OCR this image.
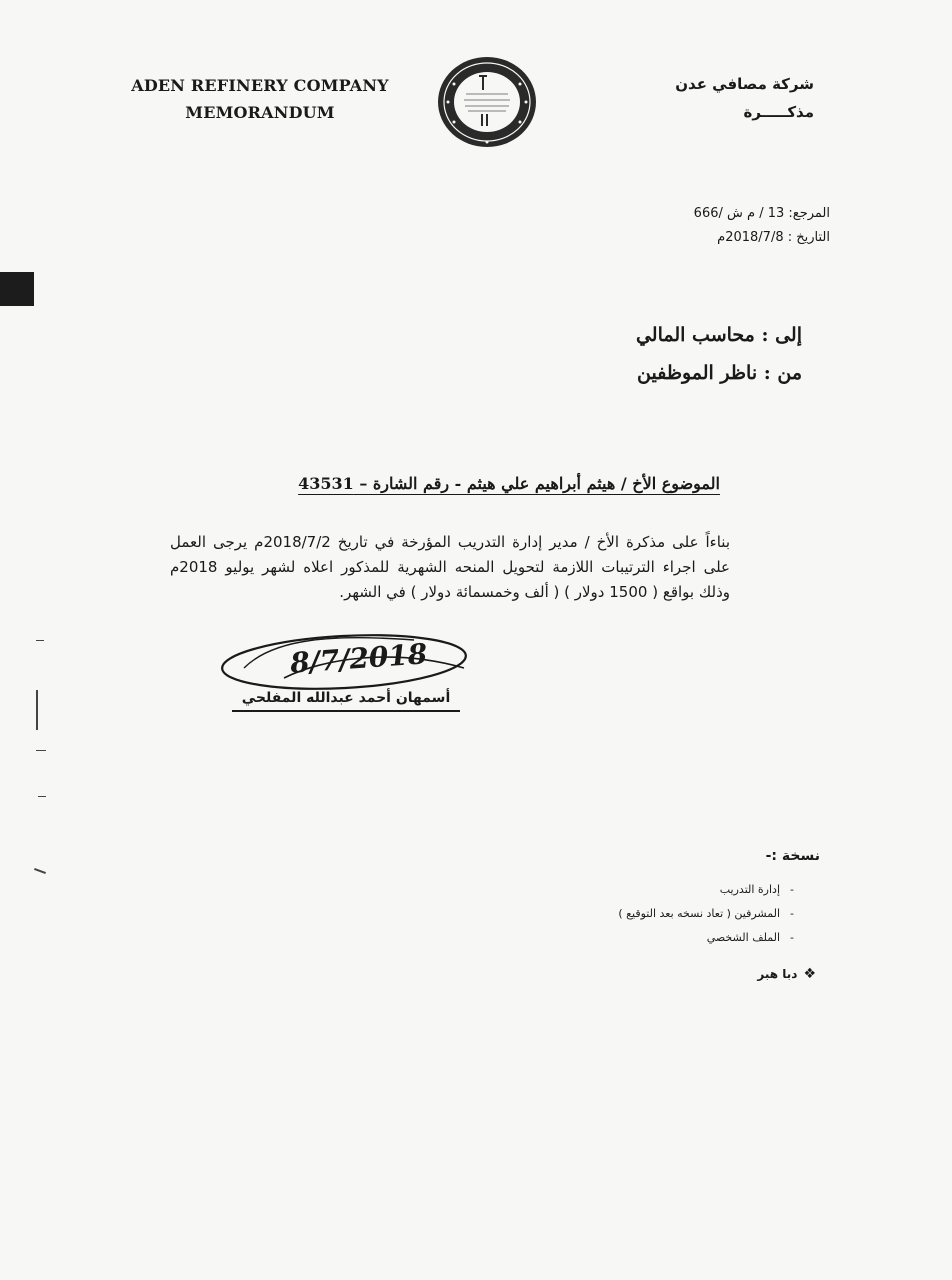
ADEN REFINERY COMPANY
MEMORANDUM
شركة مصافي عدن
مذكـــــرة
المرجع: 13 / م ش /666
التاريخ : 2018/7/8م
إلى : محاسب المالي
من : ناظر الموظفين
الموضوع الأخ / هيثم أبراهيم علي هيثم - رقم الشارة – 43531
بناءاً على مذكرة الأخ / مدير إدارة التدريب المؤرخة في تاريخ 2018/7/2م يرجى العمل على اجراء الترتيبات اللازمة لتحويل المنحه الشهرية للمذكور اعلاه لشهر يوليو 2018م وذلك بواقع ( 1500 دولار ) ( ألف وخمسمائة دولار ) في الشهر.
8/7/2018
أسمهان أحمد عبدالله المفلحي
نسخة :-
-إدارة التدريب
-المشرفين ( تعاد نسخه بعد التوقيع )
-الملف الشخصي
❖دبا هبر
